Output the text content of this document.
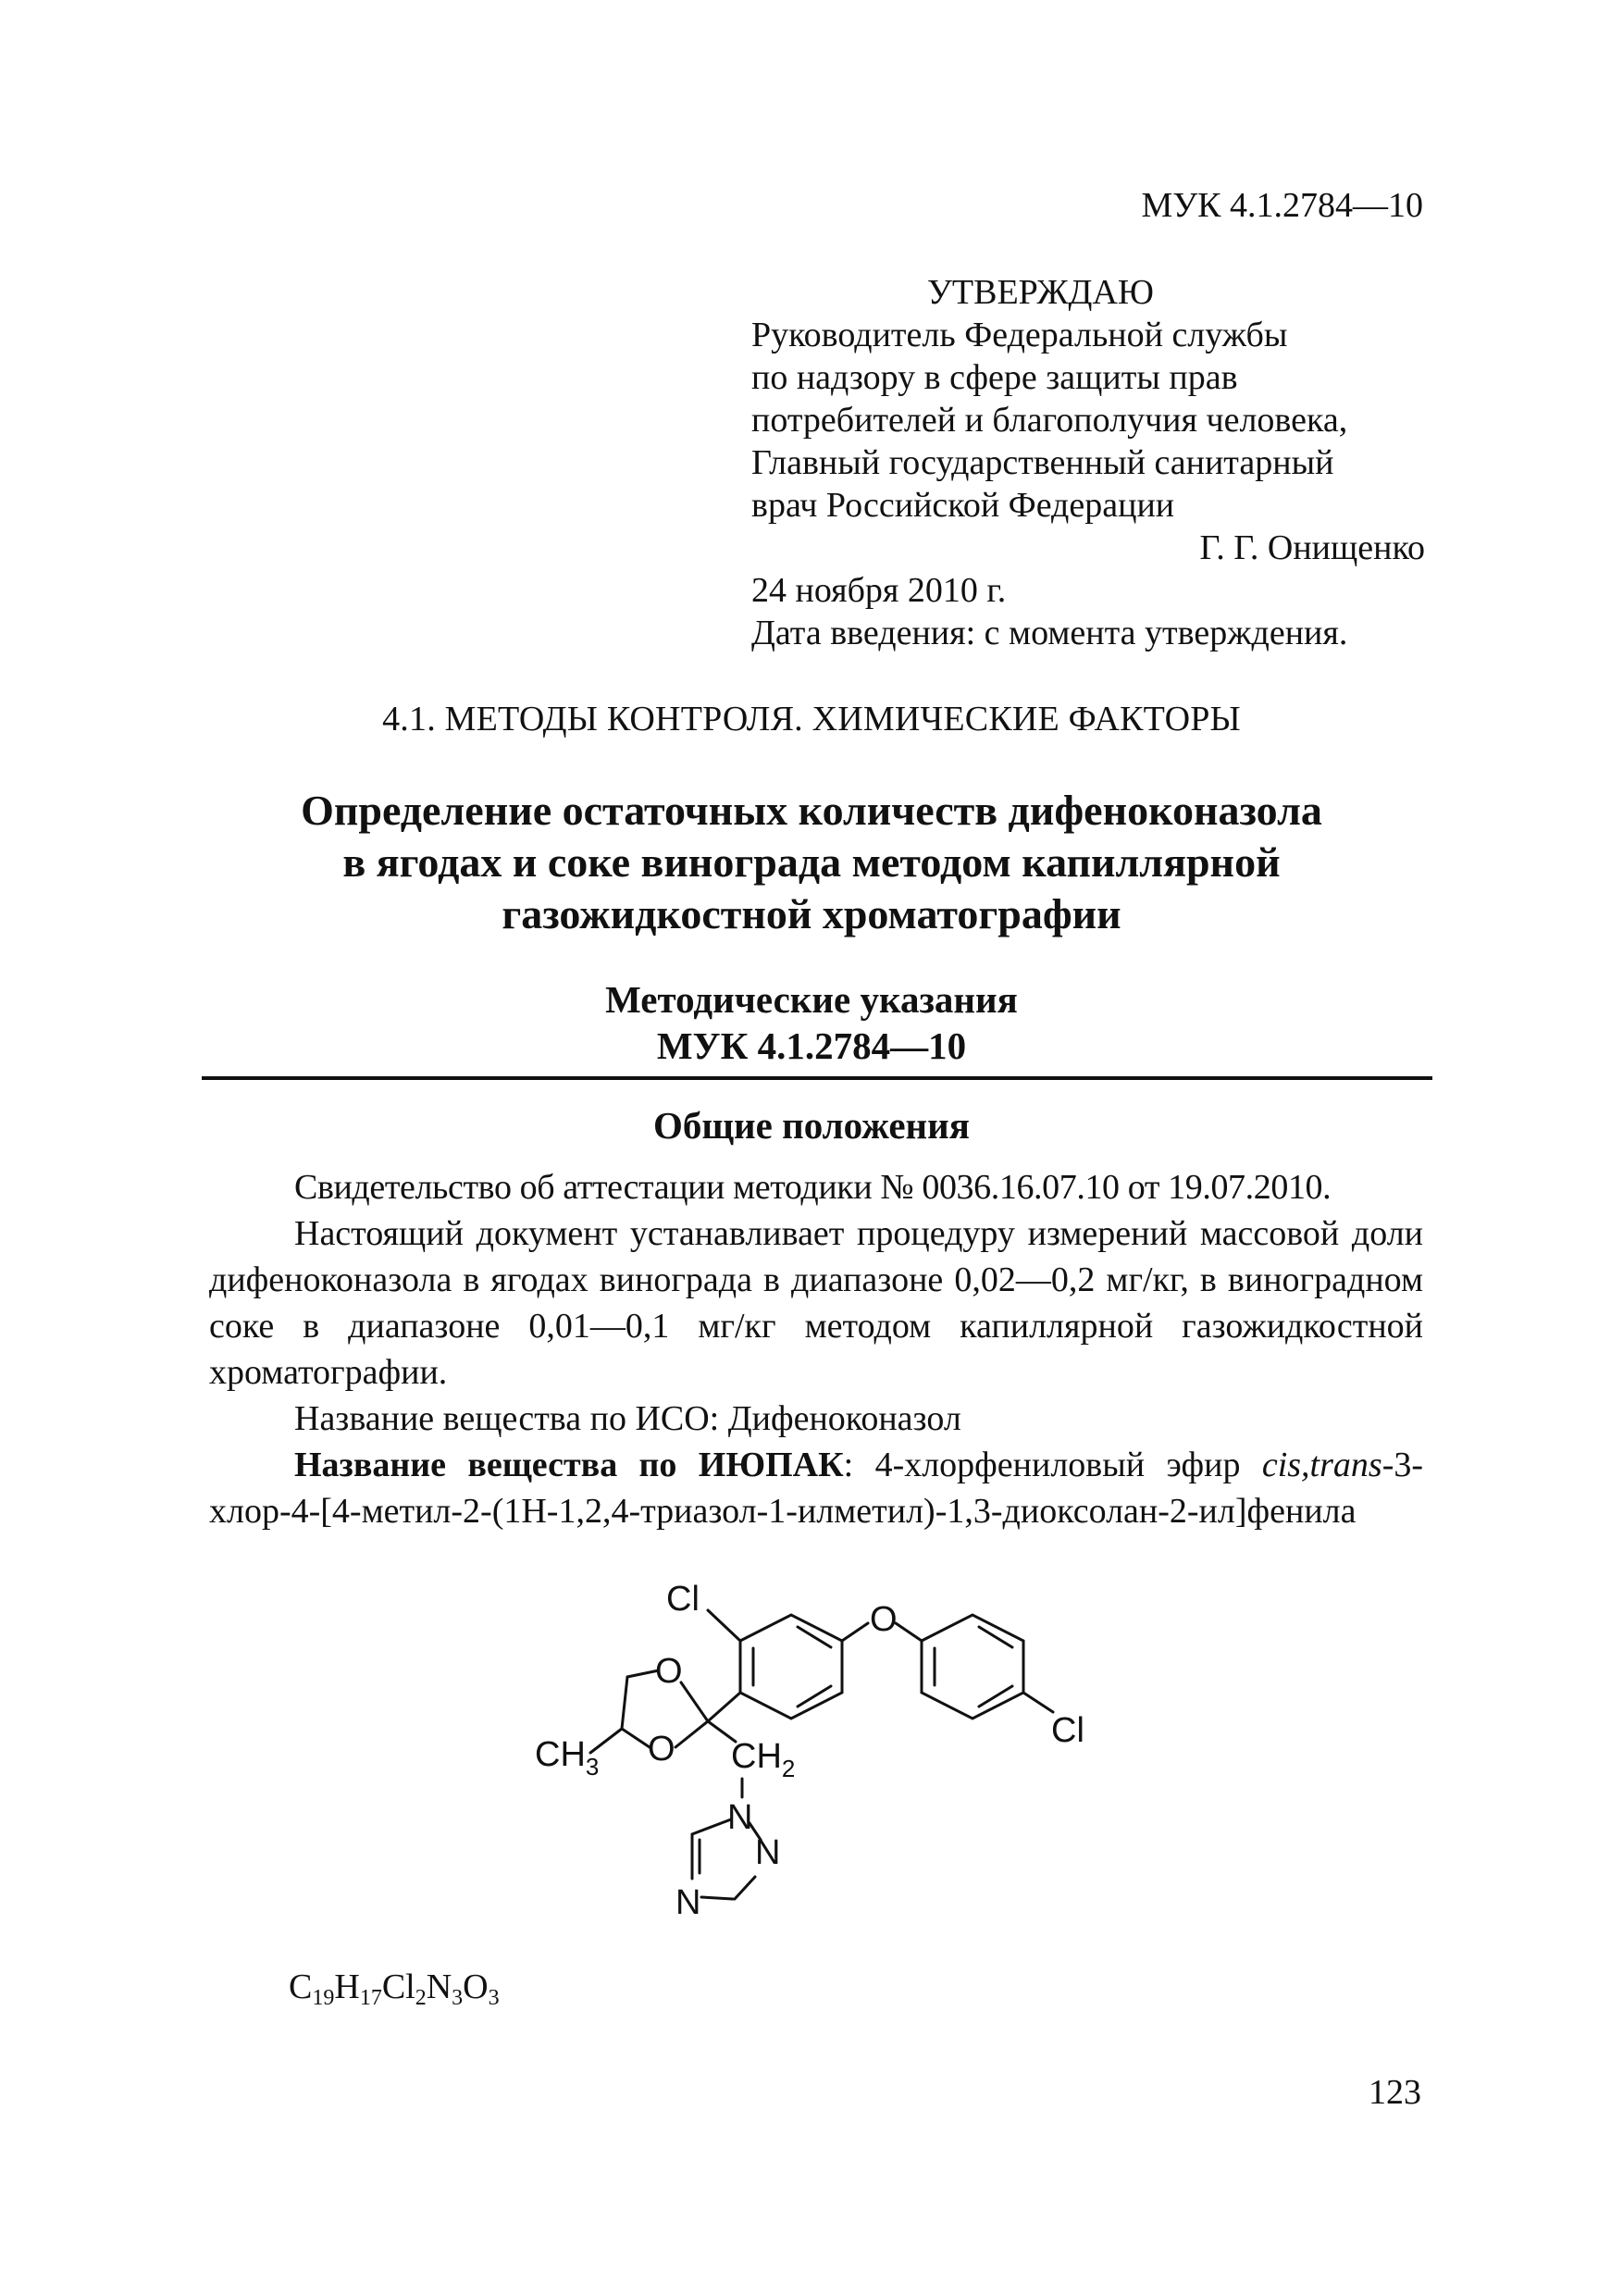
МУК 4.1.2784—10
УТВЕРЖДАЮ
Руководитель Федеральной службы
по надзору в сфере защиты прав
потребителей и благополучия человека,
Главный государственный санитарный
врач Российской Федерации
Г. Г. Онищенко
24 ноября 2010 г.
Дата введения: с момента утверждения.
4.1. МЕТОДЫ КОНТРОЛЯ. ХИМИЧЕСКИЕ ФАКТОРЫ
Определение остаточных количеств дифеноконазола
в ягодах и соке винограда методом капиллярной
газожидкостной хроматографии
Методические указания
МУК 4.1.2784—10
Общие положения

Свидетельство об аттестации методики № 0036.16.07.10 от 19.07.2010.

Настоящий документ устанавливает процедуру измерений массовой доли дифеноконазола в ягодах винограда в диапазоне 0,02—0,2 мг/кг, в виноградном соке в диапазоне 0,01—0,1 мг/кг методом капиллярной газожидкостной хроматографии.

Название вещества по ИСО: Дифеноконазол

Название вещества по ИЮПАК: 4-хлорфениловый эфир cis,trans-3-хлор-4-[4-метил-2-(1Н-1,2,4-триазол-1-илметил)-1,3-диоксолан-2-ил]фенила

Cl
O
Cl
O
O
$CH_3$	$CH_2$
N
N
N
$C_{19}H_{17}Cl_2N_3O_3$
123
